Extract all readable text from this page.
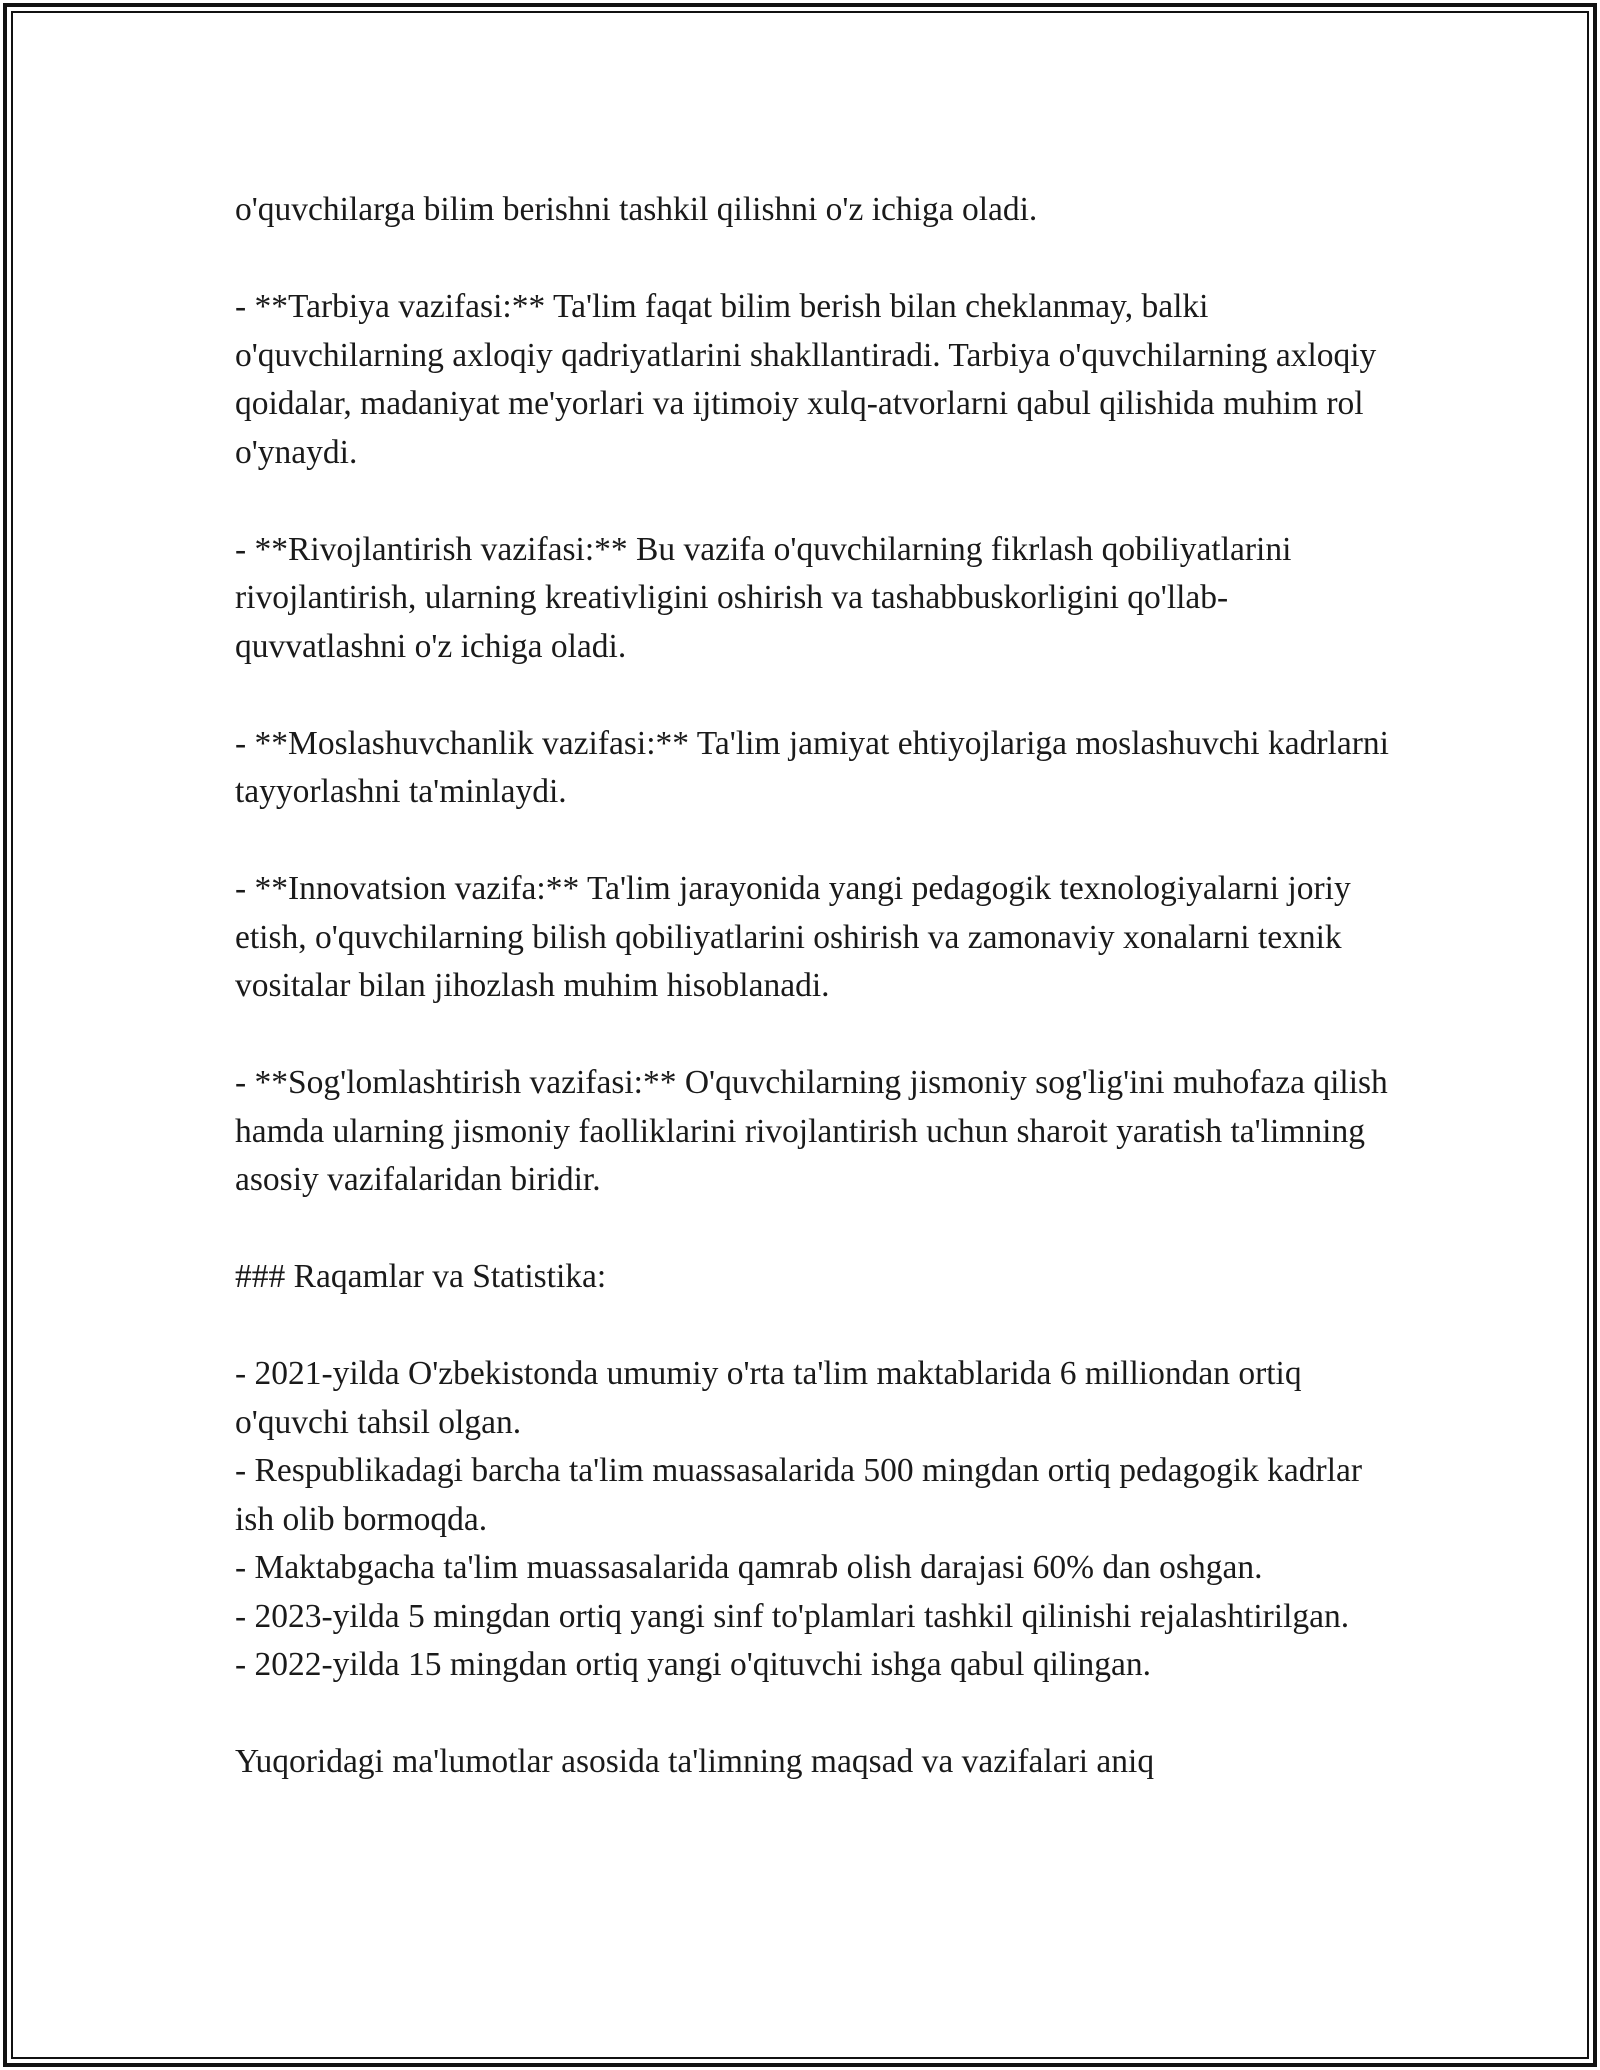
o'quvchilarga bilim berishni tashkil qilishni o'z ichiga oladi.

- **Tarbiya vazifasi:** Ta'lim faqat bilim berish bilan cheklanmay, balki o'quvchilarning axloqiy qadriyatlarini shakllantiradi. Tarbiya o'quvchilarning axloqiy qoidalar, madaniyat me'yorlari va ijtimoiy xulq-atvorlarni qabul qilishida muhim rol o'ynaydi.

- **Rivojlantirish vazifasi:** Bu vazifa o'quvchilarning fikrlash qobiliyatlarini rivojlantirish, ularning kreativligini oshirish va tashabbuskorligini qo'llab-quvvatlashni o'z ichiga oladi.

- **Moslashuvchanlik vazifasi:** Ta'lim jamiyat ehtiyojlariga moslashuvchi kadrlarni tayyorlashni ta'minlaydi.

- **Innovatsion vazifa:** Ta'lim jarayonida yangi pedagogik texnologiyalarni joriy etish, o'quvchilarning bilish qobiliyatlarini oshirish va zamonaviy xonalarni texnik vositalar bilan jihozlash muhim hisoblanadi.

- **Sog'lomlashtirish vazifasi:** O'quvchilarning jismoniy sog'lig'ini muhofaza qilish hamda ularning jismoniy faolliklarini rivojlantirish uchun sharoit yaratish ta'limning asosiy vazifalaridan biridir.

### Raqamlar va Statistika:

- 2021-yilda O'zbekistonda umumiy o'rta ta'lim maktablarida 6 milliondan ortiq o'quvchi tahsil olgan.

- Respublikadagi barcha ta'lim muassasalarida 500 mingdan ortiq pedagogik kadrlar ish olib bormoqda.

- Maktabgacha ta'lim muassasalarida qamrab olish darajasi 60% dan oshgan.

- 2023-yilda 5 mingdan ortiq yangi sinf to'plamlari tashkil qilinishi rejalashtirilgan.

- 2022-yilda 15 mingdan ortiq yangi o'qituvchi ishga qabul qilingan.

Yuqoridagi ma'lumotlar asosida ta'limning maqsad va vazifalari aniq
